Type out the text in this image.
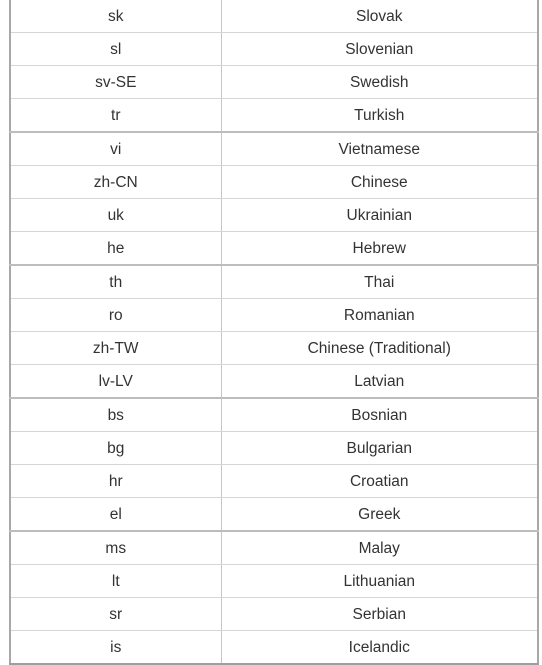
sk	Slovak
sl	Slovenian
sv-SE	Swedish
tr	Turkish
vi	Vietnamese
zh-CN	Chinese
uk	Ukrainian
he	Hebrew
th	Thai
ro	Romanian
zh-TW	Chinese (Traditional)
lv-LV	Latvian
bs	Bosnian
bg	Bulgarian
hr	Croatian
el	Greek
ms	Malay
lt	Lithuanian
sr	Serbian
is	Icelandic
